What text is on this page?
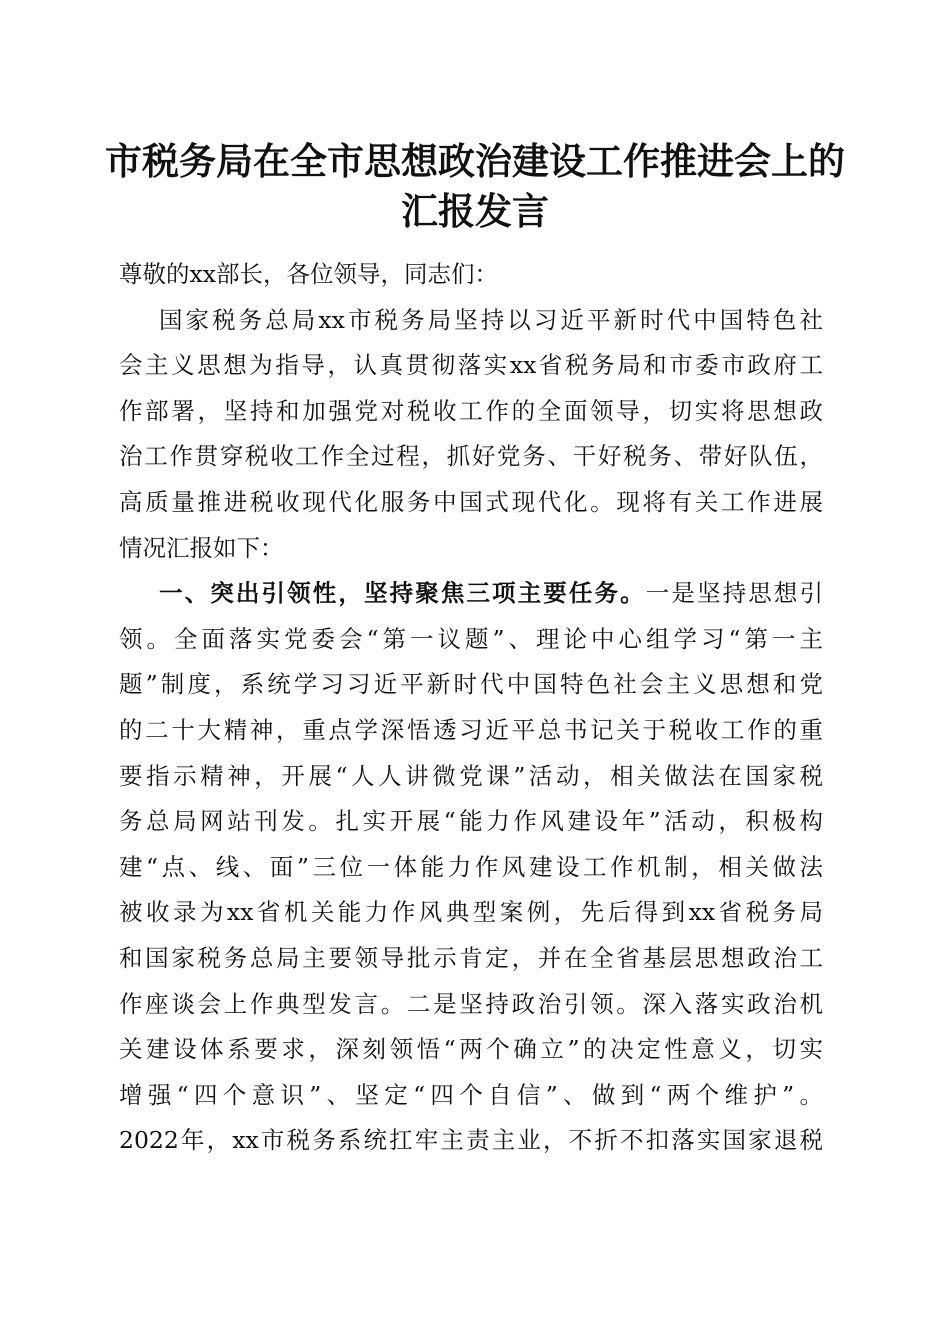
市税务局在全市思想政治建设工作推进会上的
汇报发言
尊敬的xx部长，各位领导，同志们：
国家税务总局xx市税务局坚持以习近平新时代中国特色社
会主义思想为指导，认真贯彻落实xx省税务局和市委市政府工
作部署，坚持和加强党对税收工作的全面领导，切实将思想政
治工作贯穿税收工作全过程，抓好党务、干好税务、带好队伍，
高质量推进税收现代化服务中国式现代化。现将有关工作进展
情况汇报如下：
一、突出引领性，坚持聚焦三项主要任务。一是坚持思想引
领。全面落实党委会“第一议题”、理论中心组学习“第一主
题”制度，系统学习习近平新时代中国特色社会主义思想和党
的二十大精神，重点学深悟透习近平总书记关于税收工作的重
要指示精神，开展“人人讲微党课”活动，相关做法在国家税
务总局网站刊发。扎实开展“能力作风建设年”活动，积极构
建“点、线、面”三位一体能力作风建设工作机制，相关做法
被收录为xx省机关能力作风典型案例，先后得到xx省税务局
和国家税务总局主要领导批示肯定，并在全省基层思想政治工
作座谈会上作典型发言。二是坚持政治引领。深入落实政治机
关建设体系要求，深刻领悟“两个确立”的决定性意义，切实
增强“四个意识”、坚定“四个自信”、做到“两个维护”。
2022年，xx市税务系统扛牢主责主业，不折不扣落实国家退税
